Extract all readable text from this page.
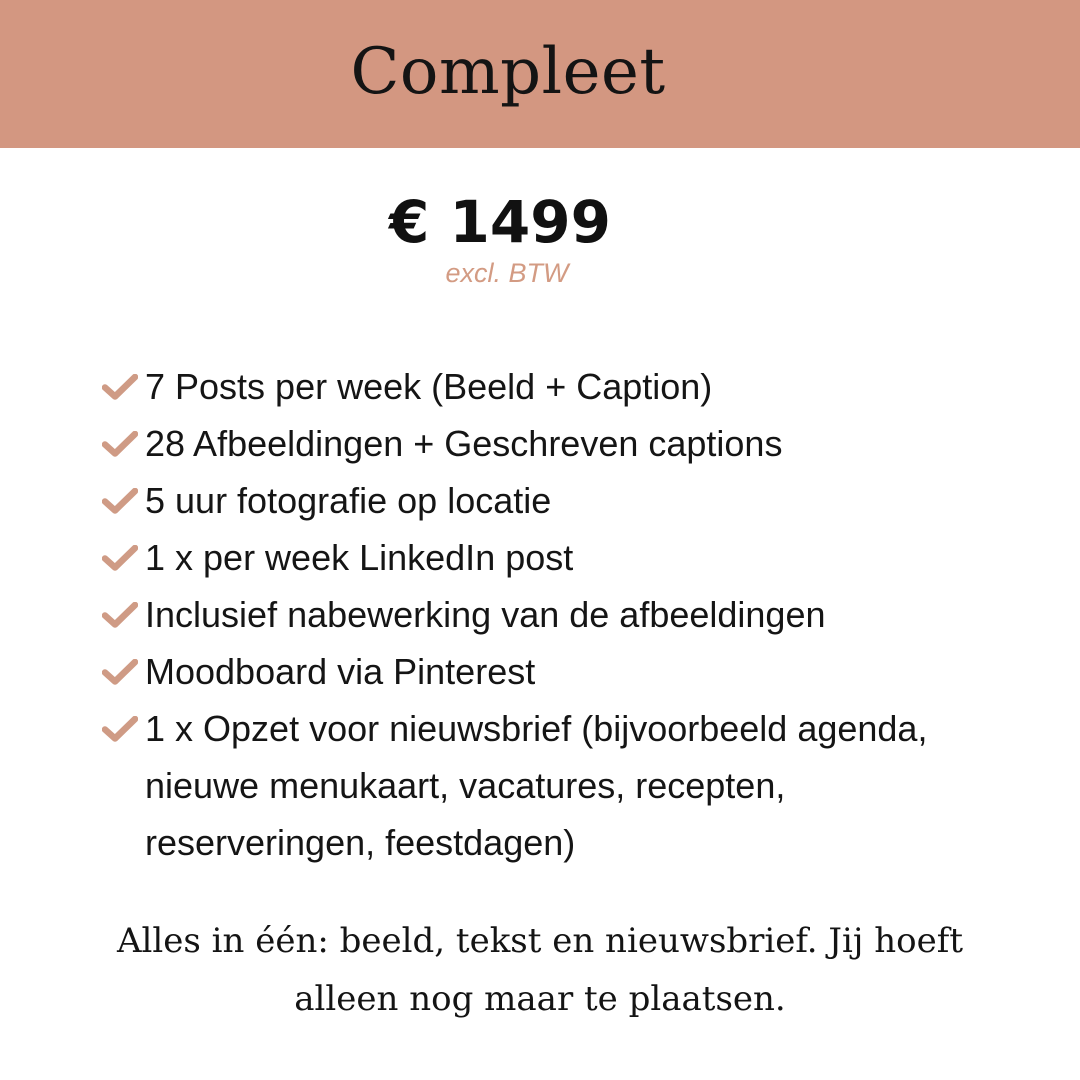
Compleet
€ 1499
excl. BTW
7 Posts per week (Beeld + Caption)
28 Afbeeldingen + Geschreven captions
5 uur fotografie op locatie
1 x per week LinkedIn post
Inclusief nabewerking van de afbeeldingen
Moodboard via Pinterest
1 x Opzet voor nieuwsbrief (bijvoorbeeld agenda, nieuwe menukaart, vacatures, recepten, reserveringen, feestdagen)
Alles in één: beeld, tekst en nieuwsbrief. Jij hoeft alleen nog maar te plaatsen.
